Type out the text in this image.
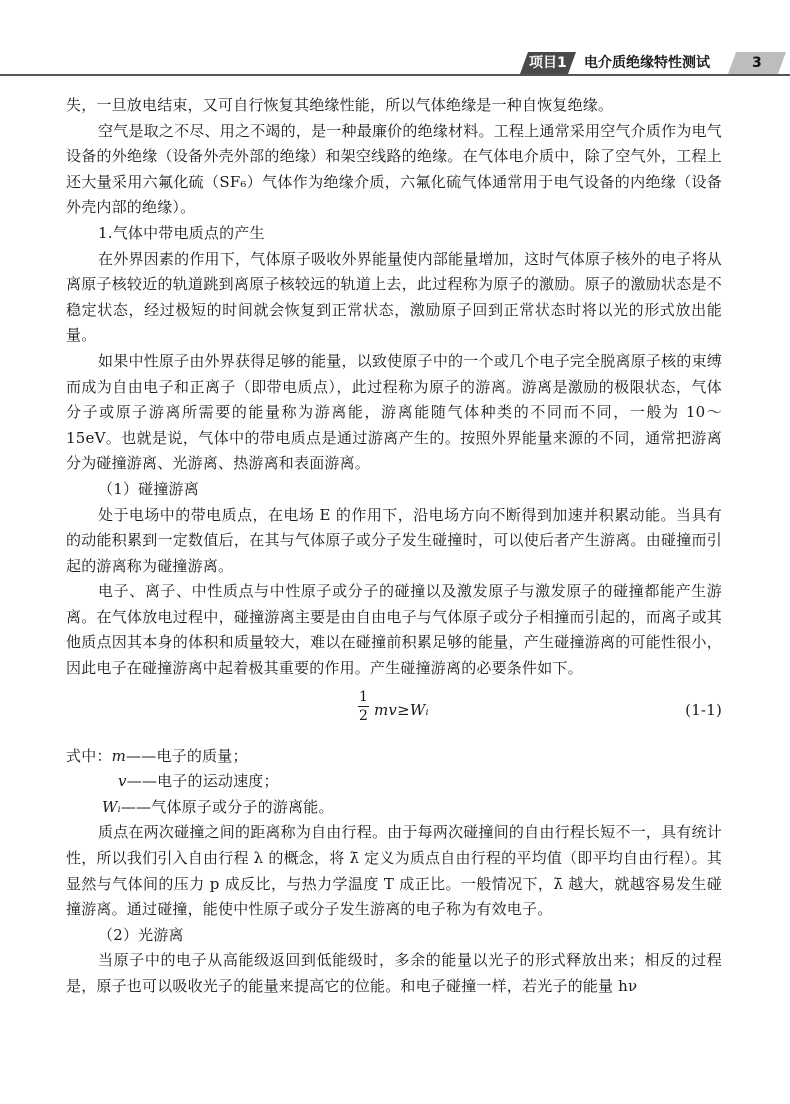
项目1	电介质绝缘特性测试	3

失，一旦放电结束，又可自行恢复其绝缘性能，所以气体绝缘是一种自恢复绝缘。

空气是取之不尽、用之不竭的，是一种最廉价的绝缘材料。工程上通常采用空气介质作为电气设备的外绝缘（设备外壳外部的绝缘）和架空线路的绝缘。在气体电介质中，除了空气外，工程上还大量采用六氟化硫（SF₆）气体作为绝缘介质，六氟化硫气体通常用于电气设备的内绝缘（设备外壳内部的绝缘）。

1.气体中带电质点的产生

在外界因素的作用下，气体原子吸收外界能量使内部能量增加，这时气体原子核外的电子将从离原子核较近的轨道跳到离原子核较远的轨道上去，此过程称为原子的激励。原子的激励状态是不稳定状态，经过极短的时间就会恢复到正常状态，激励原子回到正常状态时将以光的形式放出能量。

如果中性原子由外界获得足够的能量，以致使原子中的一个或几个电子完全脱离原子核的束缚而成为自由电子和正离子（即带电质点），此过程称为原子的游离。游离是激励的极限状态，气体分子或原子游离所需要的能量称为游离能，游离能随气体种类的不同而不同，一般为 10～15eV。也就是说，气体中的带电质点是通过游离产生的。按照外界能量来源的不同，通常把游离分为碰撞游离、光游离、热游离和表面游离。

（1）碰撞游离

处于电场中的带电质点，在电场 E 的作用下，沿电场方向不断得到加速并积累动能。当具有的动能积累到一定数值后，在其与气体原子或分子发生碰撞时，可以使后者产生游离。由碰撞而引起的游离称为碰撞游离。

电子、离子、中性质点与中性原子或分子的碰撞以及激发原子与激发原子的碰撞都能产生游离。在气体放电过程中，碰撞游离主要是由自由电子与气体原子或分子相撞而引起的，而离子或其他质点因其本身的体积和质量较大，难以在碰撞前积累足够的能量，产生碰撞游离的可能性很小，因此电子在碰撞游离中起着极其重要的作用。产生碰撞游离的必要条件如下。

$\frac{1}{2}$ mv≥Wᵢ	(1-1)
式中：m——电子的质量；
v——电子的运动速度；
Wᵢ——气体原子或分子的游离能。

质点在两次碰撞之间的距离称为自由行程。由于每两次碰撞间的自由行程长短不一，具有统计性，所以我们引入自由行程 λ 的概念，将 λ̄ 定义为质点自由行程的平均值（即平均自由行程）。其显然与气体间的压力 p 成反比，与热力学温度 T 成正比。一般情况下，λ̄ 越大，就越容易发生碰撞游离。通过碰撞，能使中性原子或分子发生游离的电子称为有效电子。

（2）光游离

当原子中的电子从高能级返回到低能级时，多余的能量以光子的形式释放出来；相反的过程是，原子也可以吸收光子的能量来提高它的位能。和电子碰撞一样，若光子的能量 hν
